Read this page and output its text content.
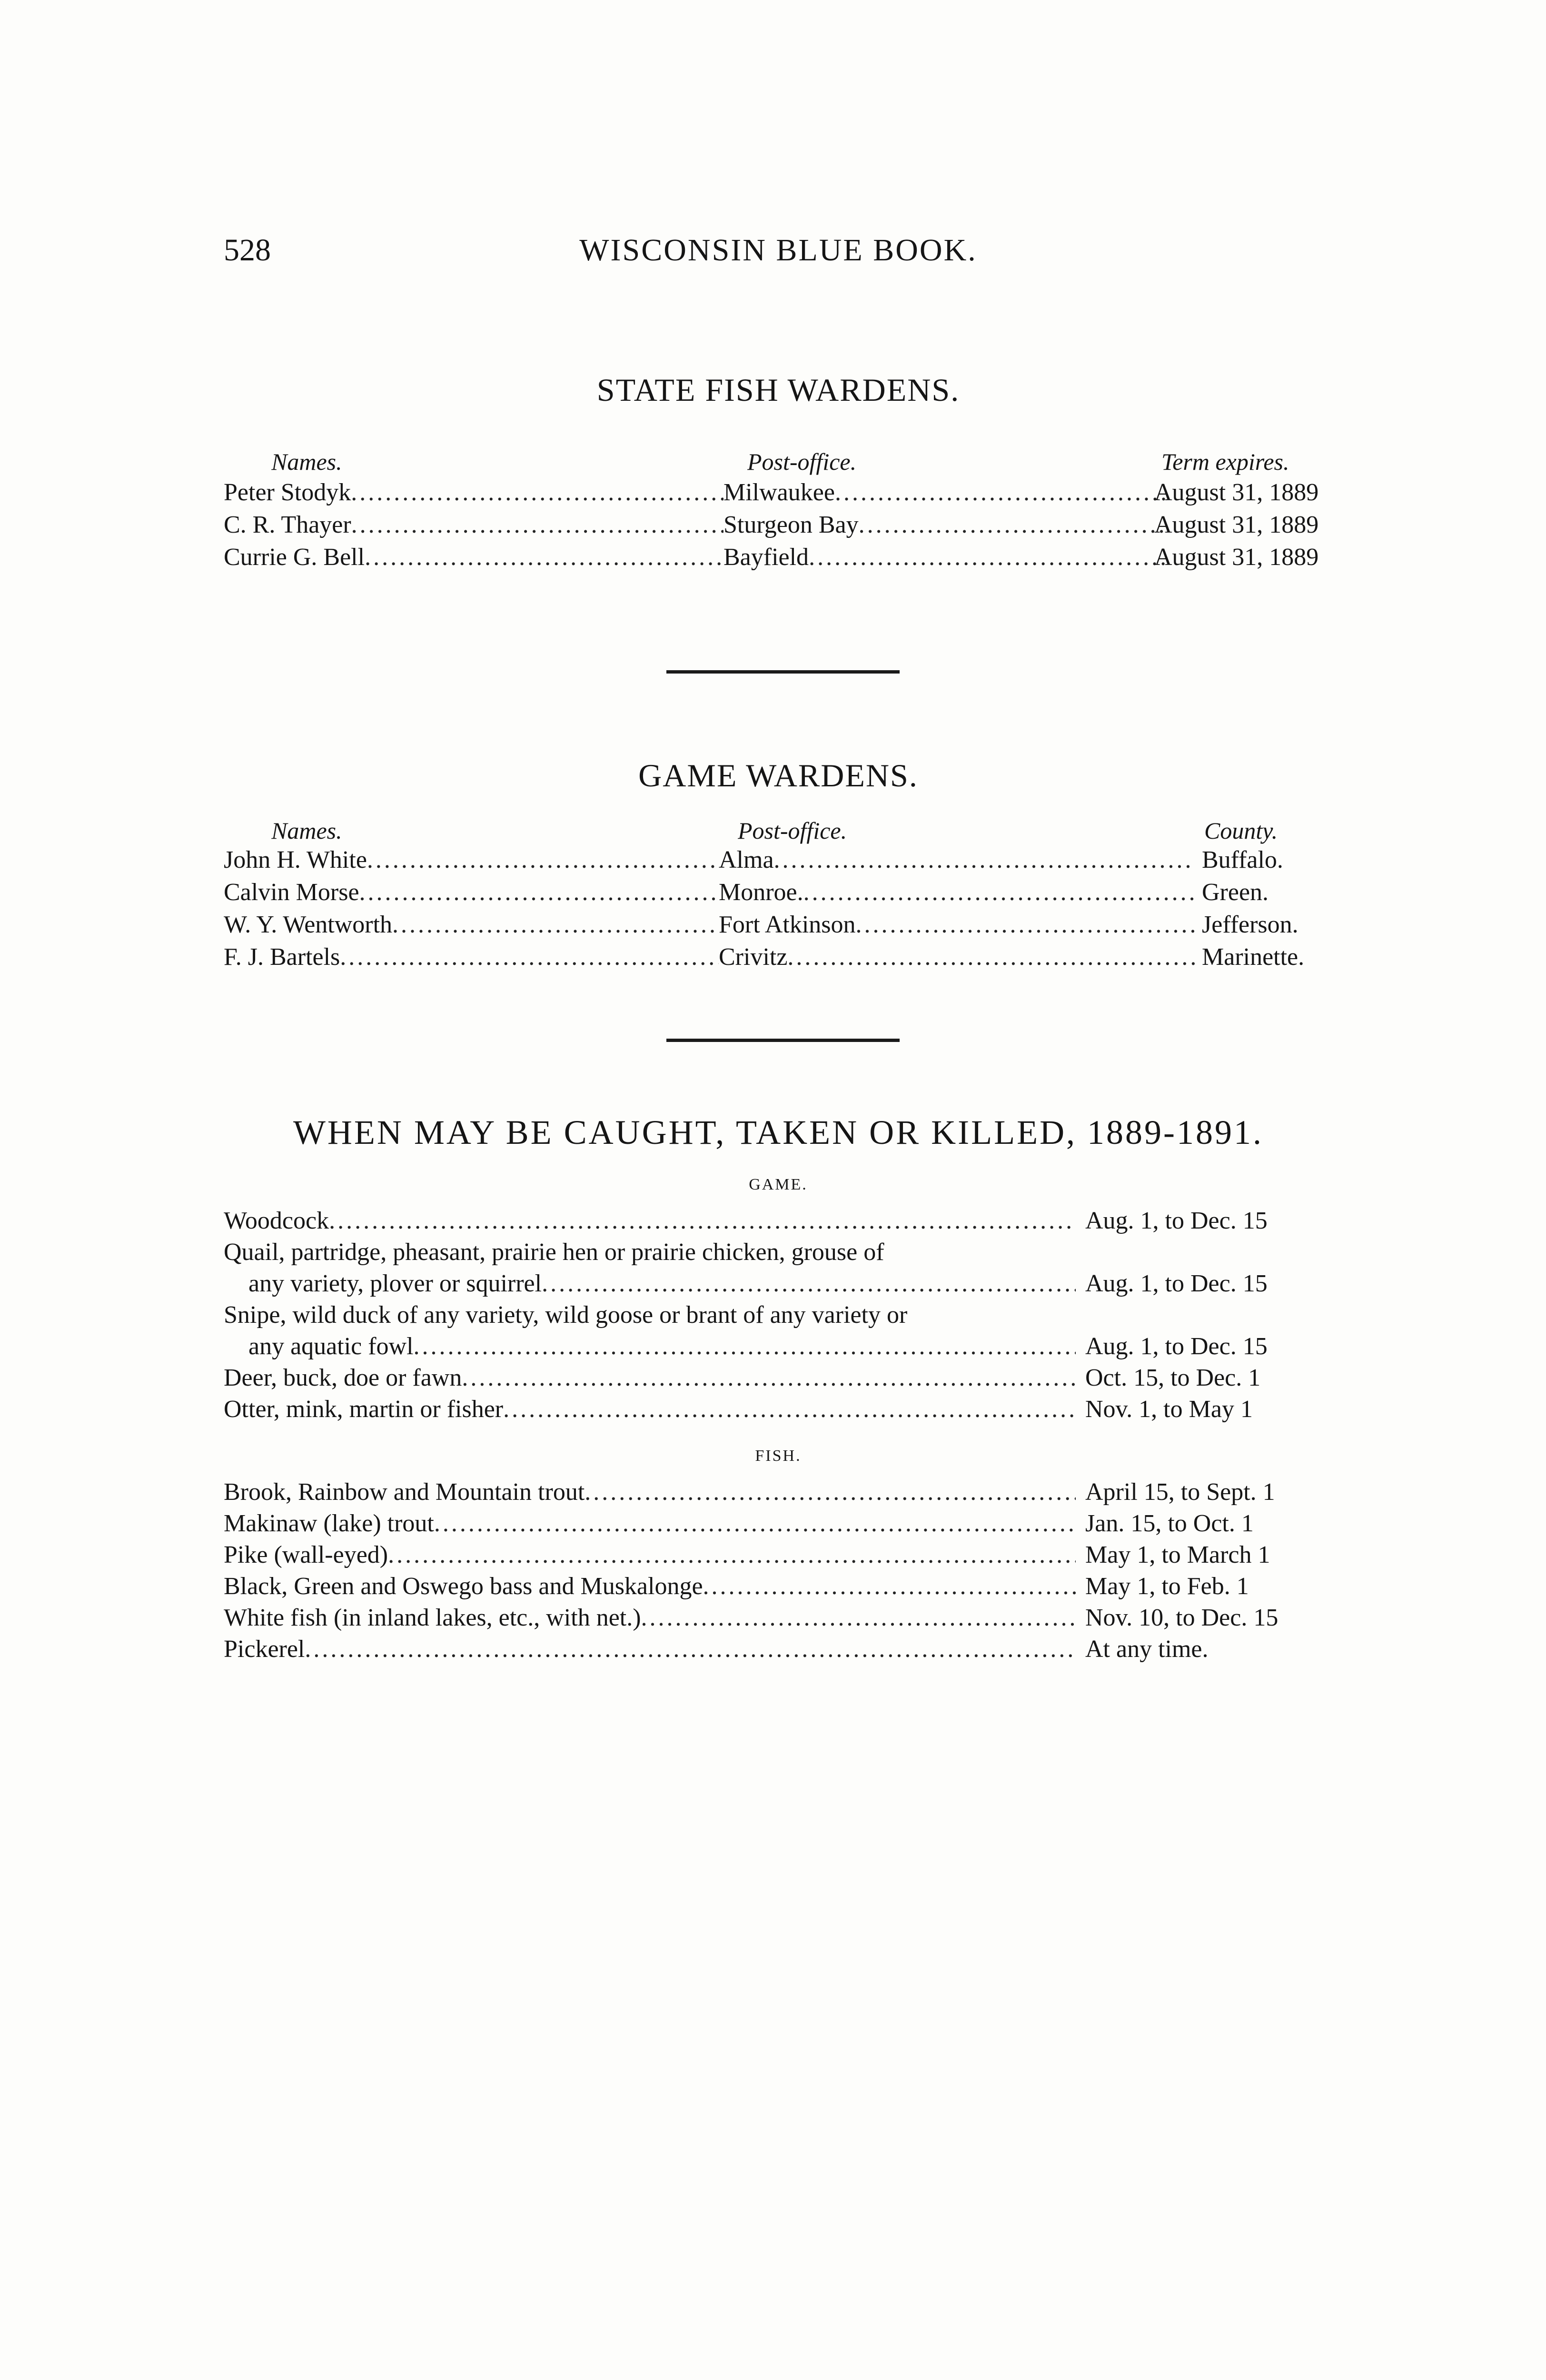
528	WISCONSIN BLUE BOOK.
STATE FISH WARDENS.
Names.	Post-office.	Term expires.
Peter Stodyk . . .	Milwaukee . . .	August 31, 1889
C. R. Thayer . . .	Sturgeon Bay . . .	August 31, 1889
Currie G. Bell . . .	Bayfield . . .	August 31, 1889
GAME WARDENS.
Names.	Post-office.	County.
John H. White . . .	Alma . . .	Buffalo.
Calvin Morse . . .	Monroe. . . .	Green.
W. Y. Wentworth . . .	Fort Atkinson . . .	Jefferson.
F. J. Bartels . . .	Crivitz . . .	Marinette.
WHEN MAY BE CAUGHT, TAKEN OR KILLED, 1889-1891.
GAME.
Woodcock . . .	Aug. 1, to Dec. 15
Quail, partridge, pheasant, prairie hen or prairie chicken, grouse of
any variety, plover or squirrel . . .	Aug. 1, to Dec. 15
Snipe, wild duck of any variety, wild goose or brant of any variety or
any aquatic fowl . . .	Aug. 1, to Dec. 15
Deer, buck, doe or fawn . . .	Oct. 15, to Dec. 1
Otter, mink, martin or fisher . . .	Nov. 1, to May 1
FISH.
Brook, Rainbow and Mountain trout . . .	April 15, to Sept. 1
Makinaw (lake) trout . . .	Jan. 15, to Oct. 1
Pike (wall-eyed) . . .	May 1, to March 1
Black, Green and Oswego bass and Muskalonge . . .	May 1, to Feb. 1
White fish (in inland lakes, etc., with net.) . . .	Nov. 10, to Dec. 15
Pickerel . . .	At any time.
